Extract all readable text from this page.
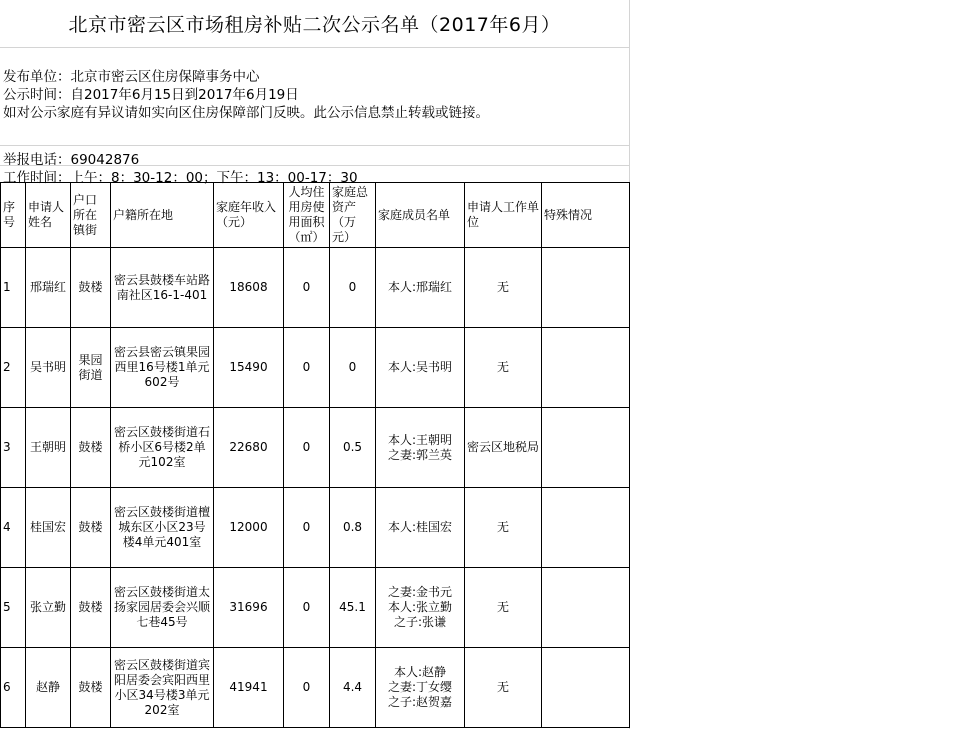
北京市密云区市场租房补贴二次公示名单（2017年6月）
发布单位：北京市密云区住房保障事务中心
公示时间：自2017年6月15日到2017年6月19日
如对公示家庭有异议请如实向区住房保障部门反映。此公示信息禁止转载或链接。
举报电话：69042876
工作时间：上午：8：30-12：00；下午：13：00-17：30
序号	申请人姓名	户口所在镇街	户籍所在地	家庭年收入（元）	人均住用房使用面积（㎡）	家庭总资产（万元）	家庭成员名单	申请人工作单位	特殊情况
1	邢瑞红	鼓楼	密云县鼓楼车站路南社区16-1-401	18608	0	0	本人:邢瑞红	无	
2	吴书明	果园街道	密云县密云镇果园西里16号楼1单元602号	15490	0	0	本人:吴书明	无	
3	王朝明	鼓楼	密云区鼓楼街道石桥小区6号楼2单元102室	22680	0	0.5	本人:王朝明
之妻:郭兰英	密云区地税局	
4	桂国宏	鼓楼	密云区鼓楼街道檀城东区小区23号楼4单元401室	12000	0	0.8	本人:桂国宏	无	
5	张立勤	鼓楼	密云区鼓楼街道太扬家园居委会兴顺七巷45号	31696	0	45.1	之妻:金书元
本人:张立勤
之子:张谦	无	
6	赵静	鼓楼	密云区鼓楼街道宾阳居委会宾阳西里小区34号楼3单元202室	41941	0	4.4	本人:赵静
之妻:丁女缨
之子:赵贺嘉	无	
